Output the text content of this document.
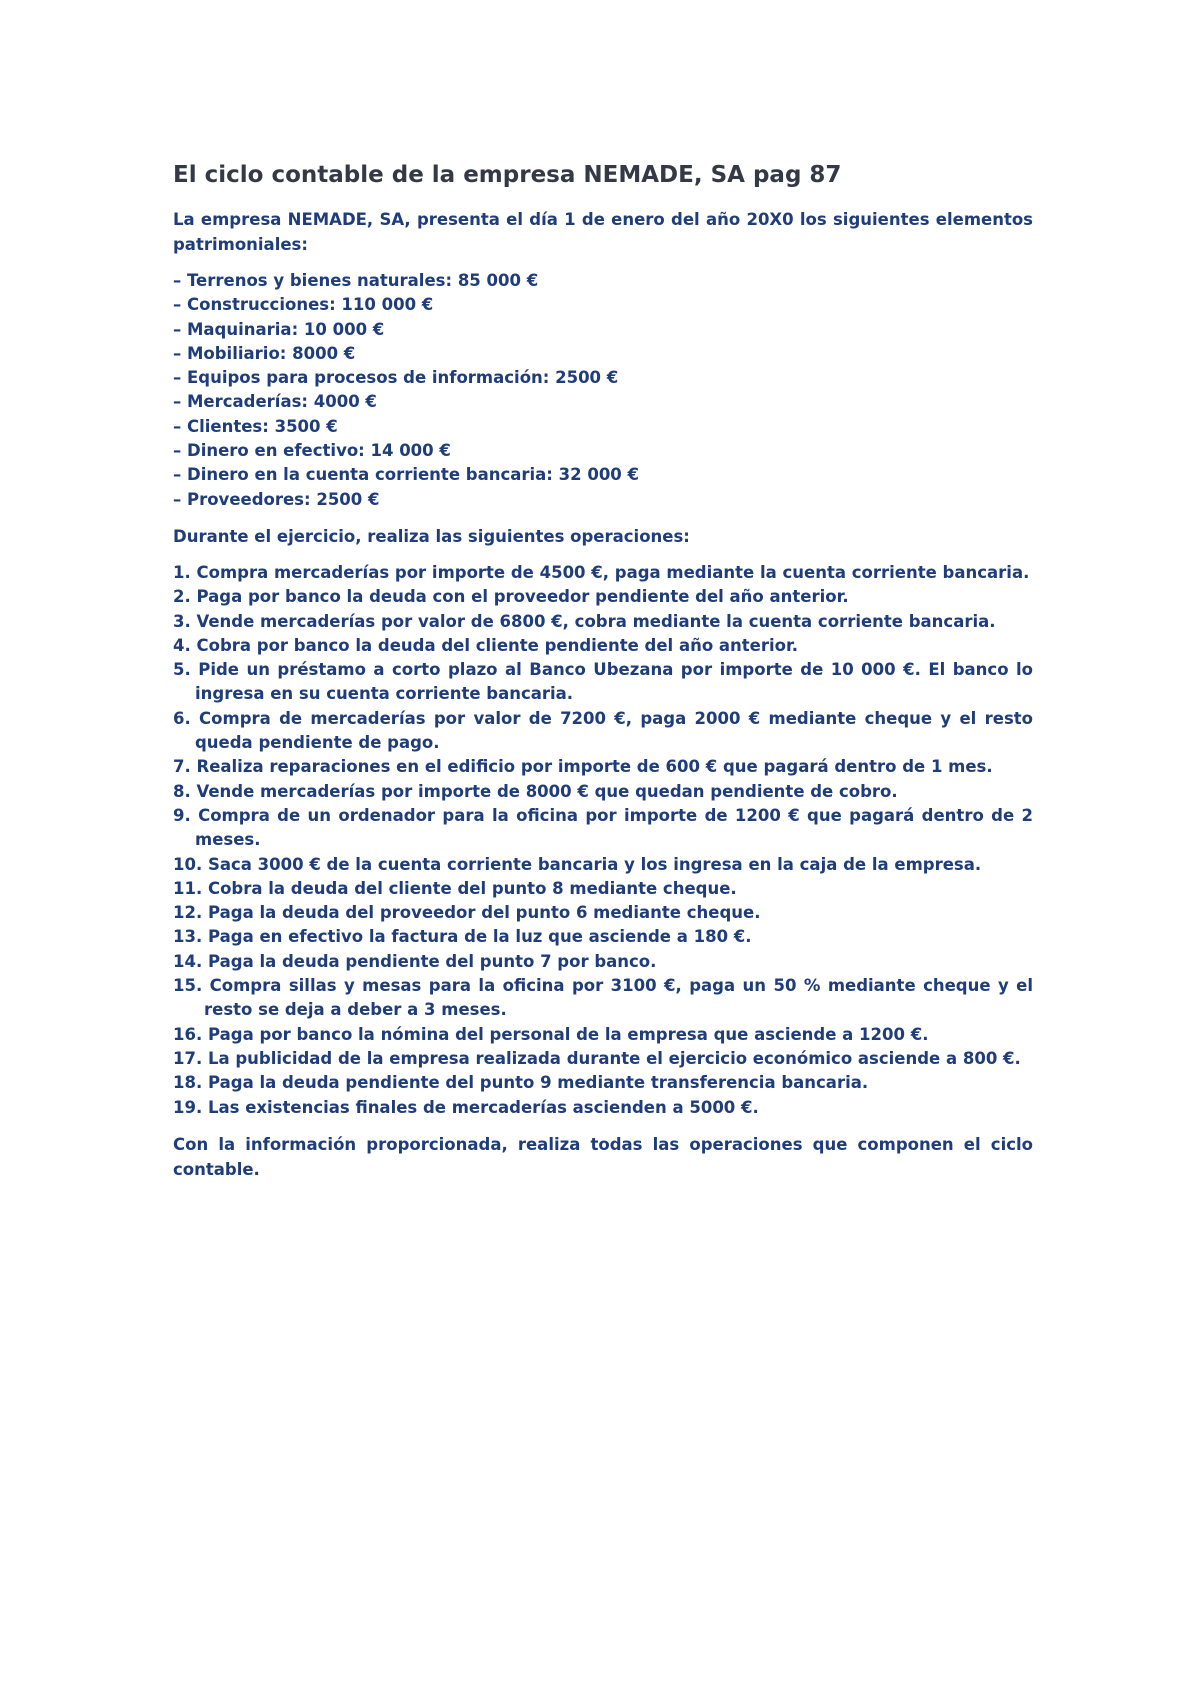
El ciclo contable de la empresa NEMADE, SA pag 87

La empresa NEMADE, SA, presenta el día 1 de enero del año 20X0 los siguientes elementos patrimoniales:

– Terrenos y bienes naturales: 85 000 €
– Construcciones: 110 000 €
– Maquinaria: 10 000 €
– Mobiliario: 8000 €
– Equipos para procesos de información: 2500 €
– Mercaderías: 4000 €
– Clientes: 3500 €
– Dinero en efectivo: 14 000 €
– Dinero en la cuenta corriente bancaria: 32 000 €
– Proveedores: 2500 €

Durante el ejercicio, realiza las siguientes operaciones:

1. Compra mercaderías por importe de 4500 €, paga mediante la cuenta corriente bancaria.
2. Paga por banco la deuda con el proveedor pendiente del año anterior.
3. Vende mercaderías por valor de 6800 €, cobra mediante la cuenta corriente bancaria.
4. Cobra por banco la deuda del cliente pendiente del año anterior.
5. Pide un préstamo a corto plazo al Banco Ubezana por importe de 10 000 €. El banco lo ingresa en su cuenta corriente bancaria.
6. Compra de mercaderías por valor de 7200 €, paga 2000 € mediante cheque y el resto queda pendiente de pago.
7. Realiza reparaciones en el edificio por importe de 600 € que pagará dentro de 1 mes.
8. Vende mercaderías por importe de 8000 € que quedan pendiente de cobro.
9. Compra de un ordenador para la oficina por importe de 1200 € que pagará dentro de 2 meses.
10. Saca 3000 € de la cuenta corriente bancaria y los ingresa en la caja de la empresa.
11. Cobra la deuda del cliente del punto 8 mediante cheque.
12. Paga la deuda del proveedor del punto 6 mediante cheque.
13. Paga en efectivo la factura de la luz que asciende a 180 €.
14. Paga la deuda pendiente del punto 7 por banco.
15. Compra sillas y mesas para la oficina por 3100 €, paga un 50 % mediante cheque y el resto se deja a deber a 3 meses.
16. Paga por banco la nómina del personal de la empresa que asciende a 1200 €.
17. La publicidad de la empresa realizada durante el ejercicio económico asciende a 800 €.
18. Paga la deuda pendiente del punto 9 mediante transferencia bancaria.
19. Las existencias finales de mercaderías ascienden a 5000 €.

Con la información proporcionada, realiza todas las operaciones que componen el ciclo contable.
